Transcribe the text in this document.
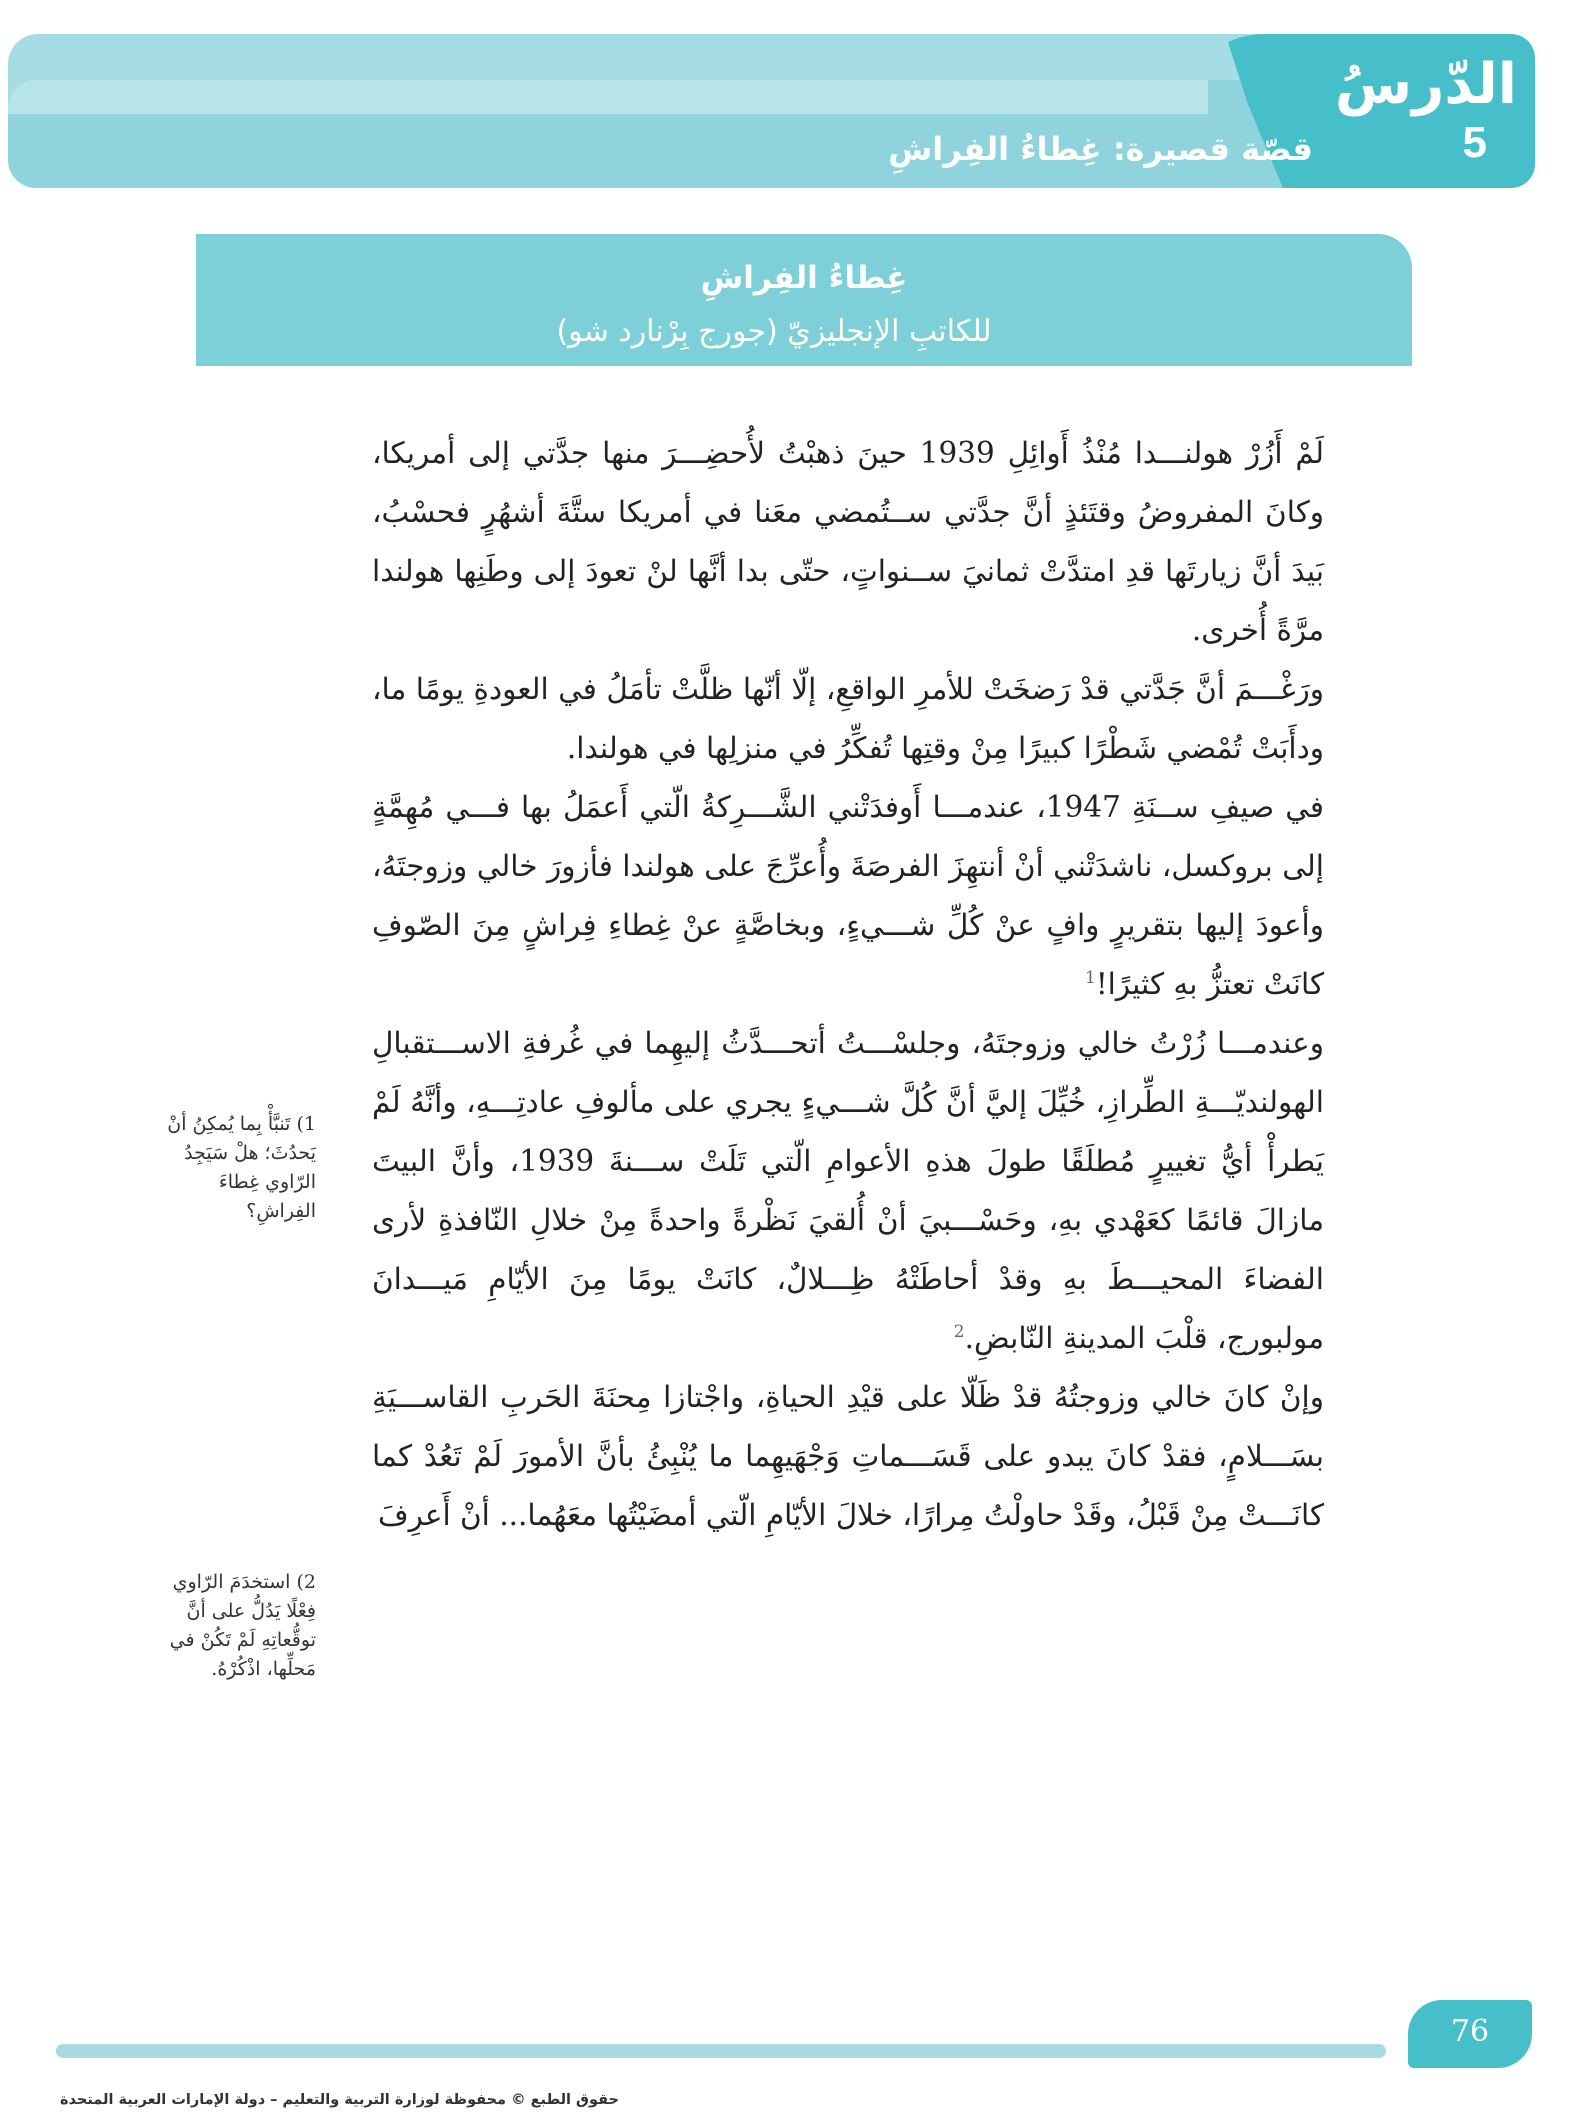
الدّرسُ
5
قصّة قصيرة: غِطاءُ الفِراشِ
غِطاءُ الفِراشِ
للكاتبِ الإنجليزيّ (جورج بِرْنارد شو)

لَمْ أَزُرْ هولنـــدا مُنْذُ أَوائِلِ 1939 حينَ ذهبْتُ لأُحضِـــرَ منها جدَّتي إلى أمريكا، وكانَ المفروضُ وقتَئذٍ أنَّ جدَّتي ســتُمضي معَنا في أمريكا ستَّةَ أشهُرٍ فحسْبُ، بَيدَ أنَّ زيارتَها قدِ امتدَّتْ ثمانيَ ســنواتٍ، حتّى بدا أنَّها لنْ تعودَ إلى وطَنِها هولندا مرَّةً أُخرى.

ورَغْـــمَ أنَّ جَدَّتي قدْ رَضخَتْ للأمرِ الواقعِ، إلّا أنّها ظلَّتْ تأمَلُ في العودةِ يومًا ما، ودأَبَتْ تُمْضي شَطْرًا كبيرًا مِنْ وقتِها تُفكِّرُ في منزلِها في هولندا.

في صيفِ ســنَةِ 1947، عندمـــا أَوفدَتْني الشَّـــرِكةُ الّتي أَعمَلُ بها فـــي مُهِمَّةٍ إلى بروكسل، ناشدَتْني أنْ أنتهِزَ الفرصَةَ وأُعرِّجَ على هولندا فأزورَ خالي وزوجتَهُ، وأعودَ إليها بتقريرٍ وافٍ عنْ كُلِّ شـــيءٍ، وبخاصَّةٍ عنْ غِطاءِ فِراشٍ مِنَ الصّوفِ كانَتْ تعتزُّ بهِ كثيرًا!$^1$

وعندمـــا زُرْتُ خالي وزوجتَهُ، وجلسْـــتُ أتحـــدَّثُ إليهِما في غُرفةِ الاســـتقبالِ الهولنديّـــةِ الطِّرازِ، خُيِّلَ إليَّ أنَّ كُلَّ شـــيءٍ يجري على مألوفِ عادتِـــهِ، وأنَّهُ لَمْ يَطرأْ أيُّ تغييرٍ مُطلَقًا طولَ هذهِ الأعوامِ الّتي تَلَتْ ســـنةَ 1939، وأنَّ البيتَ مازالَ قائمًا كعَهْدي بهِ، وحَسْـــبيَ أنْ أُلقيَ نَظْرةً واحدةً مِنْ خلالِ النّافذةِ لأرى الفضاءَ المحيـــطَ بهِ وقدْ أحاطَتْهُ ظِـــلالٌ، كانَتْ يومًا مِنَ الأيّامِ مَيـــدانَ مولبورج، قلْبَ المدينةِ النّابضِ.$^2$

وإنْ كانَ خالي وزوجتُهُ قدْ ظَلّا على قيْدِ الحياةِ، واجْتازا مِحنَةَ الحَربِ القاســـيَةِ بسَـــلامٍ، فقدْ كانَ يبدو على قَسَـــماتِ وَجْهَيهِما ما يُنْبِئُ بأنَّ الأمورَ لَمْ تَعُدْ كما كانَـــتْ مِنْ قَبْلُ، وقَدْ حاولْتُ مِرارًا، خلالَ الأيّامِ الّتي أمضَيْتُها معَهُما... أنْ أَعرِفَ

1) تَنبَّأْ بِما يُمكِنُ أنْ يَحدُثَ؛ هلْ سَيَجِدُ الرّاوي غِطاءَ الفِراشِ؟
2) استخدَمَ الرّاوي فِعْلًا يَدُلُّ على أنَّ توقُّعاتِهِ لَمْ تَكُنْ في مَحلِّها، اذْكُرْهُ.
76
حقوق الطبع © محفوظة لوزارة التربية والتعليم – دولة الإمارات العربية المتحدة
